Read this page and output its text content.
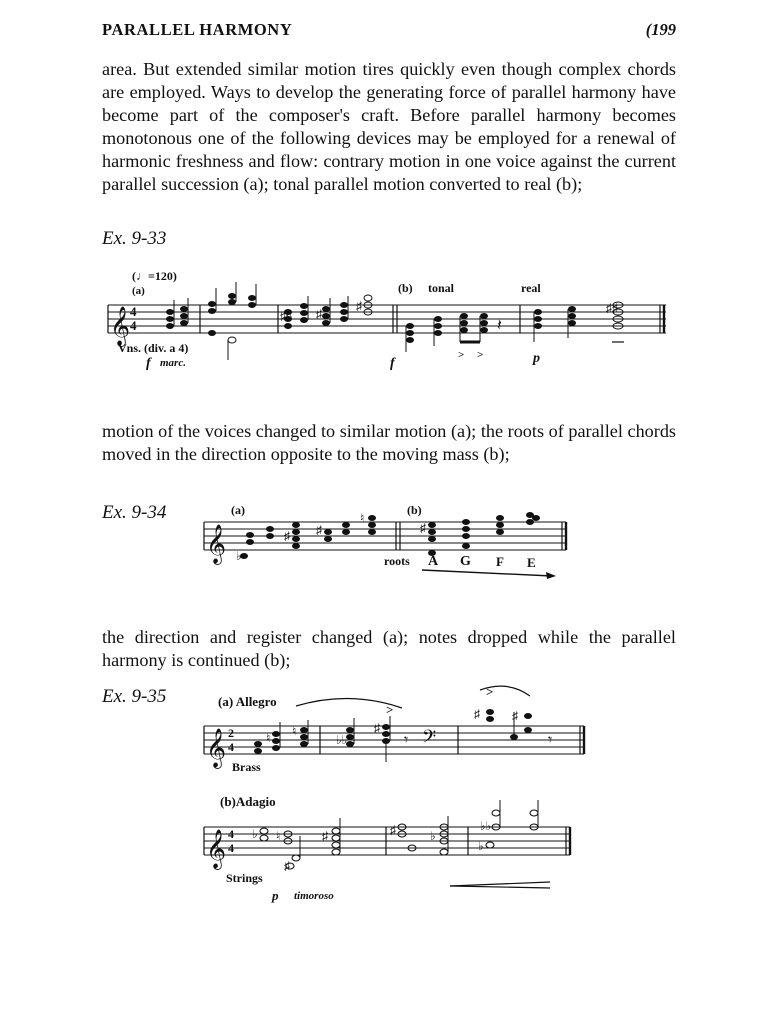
PARALLEL HARMONY	(199

area. But extended similar motion tires quickly even though complex chords are employed. Ways to develop the generating force of parallel harmony have become part of the composer's craft. Before parallel harmony becomes monotonous one of the following devices may be employed for a renewal of harmonic freshness and flow: contrary motion in one voice against the current parallel succession (a); tonal parallel motion converted to real (b);

Ex. 9-33
𝄞 4
4
(♩=120)
(a)	(b) tonal	real
Vns. (div. a 4)
f marc.	f	p
♯♯ ♯
♯	♯♯
𝄽
> >

motion of the voices changed to similar motion (a); the roots of parallel chords moved in the direction opposite to the moving mass (b);

Ex. 9-34
𝄞
(a)	(b)
♭
♯ ♯
♮
♯
roots A G F E

the direction and register changed (a); notes dropped while the parallel harmony is continued (b);

Ex. 9-35
𝄞 2
4
(a) Allegro
Brass
>
>
♮ ♮
♭♭
♯
♯	♯
𝄾 𝄢	𝄾
(b)Adagio
𝄞 4
4
Strings
p timoroso
♭ ♮
♯
♯	♯	♭
♭♭
♭
